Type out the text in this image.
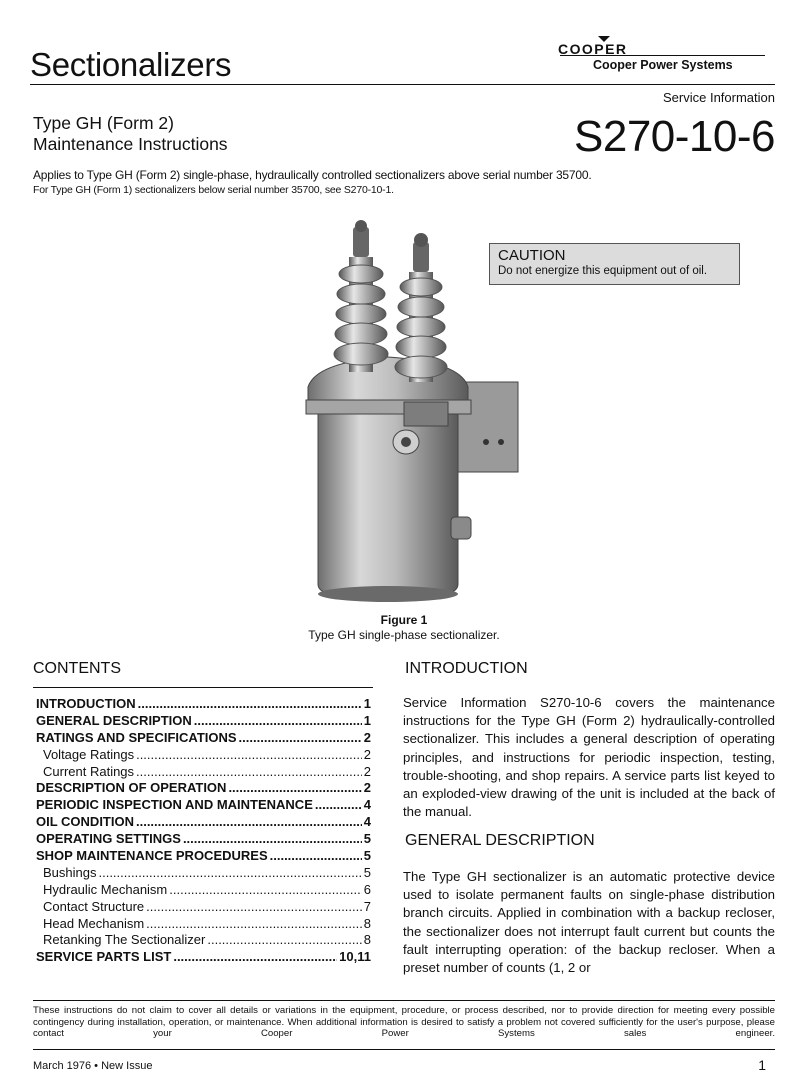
Sectionalizers	COOPER
Cooper Power Systems
Service Information
S270-10-6
Type GH (Form 2)
Maintenance Instructions
Applies to Type GH (Form 2) single-phase, hydraulically controlled sectionalizers above serial number 35700.
For Type GH (Form 1) sectionalizers below serial number 35700, see S270-10-1.
CAUTION
Do not energize this equipment out of oil.
Figure 1
Type GH single-phase sectionalizer.
CONTENTS
INTRODUCTION .....	1
GENERAL DESCRIPTION .....	1
RATINGS AND SPECIFICATIONS .....	2
Voltage Ratings .....	2
Current Ratings .....	2
DESCRIPTION OF OPERATION .....	2
PERIODIC INSPECTION AND MAINTENANCE .....	4
OIL CONDITION .....	4
OPERATING SETTINGS .....	5
SHOP MAINTENANCE PROCEDURES .....	5
Bushings .....	5
Hydraulic Mechanism .....	6
Contact Structure .....	7
Head Mechanism .....	8
Retanking The Sectionalizer .....	8
SERVICE PARTS LIST .....	10,11
INTRODUCTION
Service Information S270-10-6 covers the maintenance instructions for the Type GH (Form 2) hydraulically-controlled sectionalizer. This includes a general description of operating principles, and instructions for periodic inspection, testing, trouble-shooting, and shop repairs. A service parts list keyed to an exploded-view drawing of the unit is included at the back of the manual.
GENERAL DESCRIPTION
The Type GH sectionalizer is an automatic protective device used to isolate permanent faults on single-phase distribution branch circuits. Applied in combination with a backup recloser, the sectionalizer does not interrupt fault current but counts the fault interrupting operation: of the backup recloser. When a preset number of counts (1, 2 or
These instructions do not claim to cover all details or variations in the equipment, procedure, or process described, nor to provide direction for meeting every possible contingency during installation, operation, or maintenance. When additional information is desired to satisfy a problem not covered sufficiently for the user's purpose, please contact your Cooper Power Systems sales engineer.
March 1976 • New Issue	1
